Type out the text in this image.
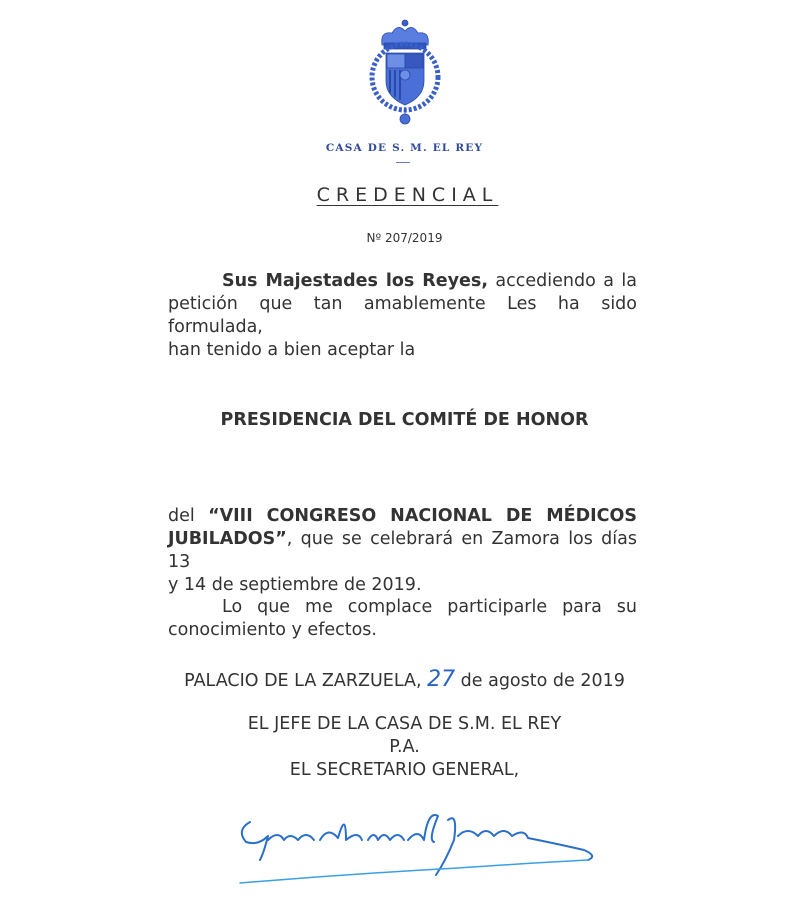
CASA DE S. M. EL REY
CREDENCIAL
Nº 207/2019
Sus Majestades los Reyes, accediendo a la
petición que tan amablemente Les ha sido formulada,
han tenido a bien aceptar la
PRESIDENCIA DEL COMITÉ DE HONOR
del “VIII CONGRESO NACIONAL DE MÉDICOS
JUBILADOS”, que se celebrará en Zamora los días 13
y 14 de septiembre de 2019.
Lo que me complace participarle para su
conocimiento y efectos.
PALACIO DE LA ZARZUELA, 27 de agosto de 2019
EL JEFE DE LA CASA DE S.M. EL REY
P.A.
EL SECRETARIO GENERAL,
